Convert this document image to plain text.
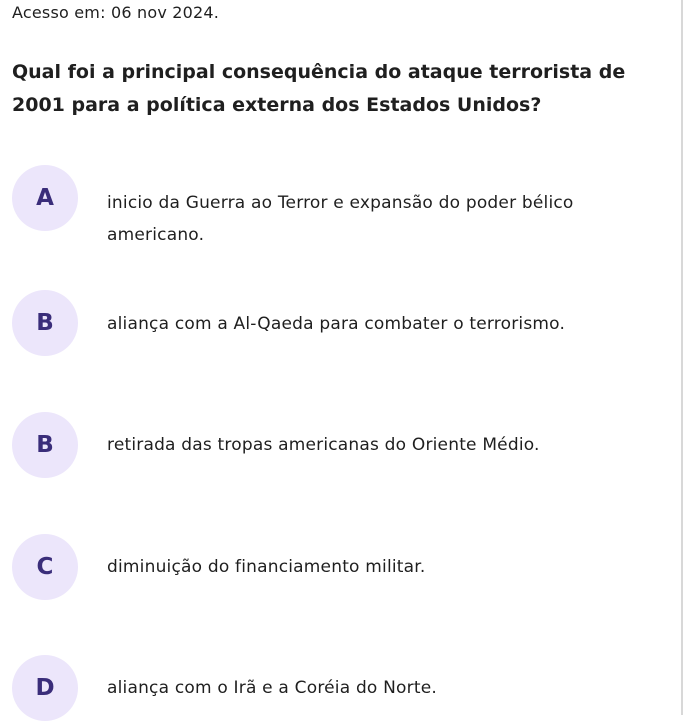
Acesso em: 06 nov 2024.
Qual foi a principal consequência do ataque terrorista de 2001 para a política externa dos Estados Unidos?
A	inicio da Guerra ao Terror e expansão do poder bélico americano.
B	aliança com a Al-Qaeda para combater o terrorismo.
B	retirada das tropas americanas do Oriente Médio.
C	diminuição do financiamento militar.
D	aliança com o Irã e a Coréia do Norte.
